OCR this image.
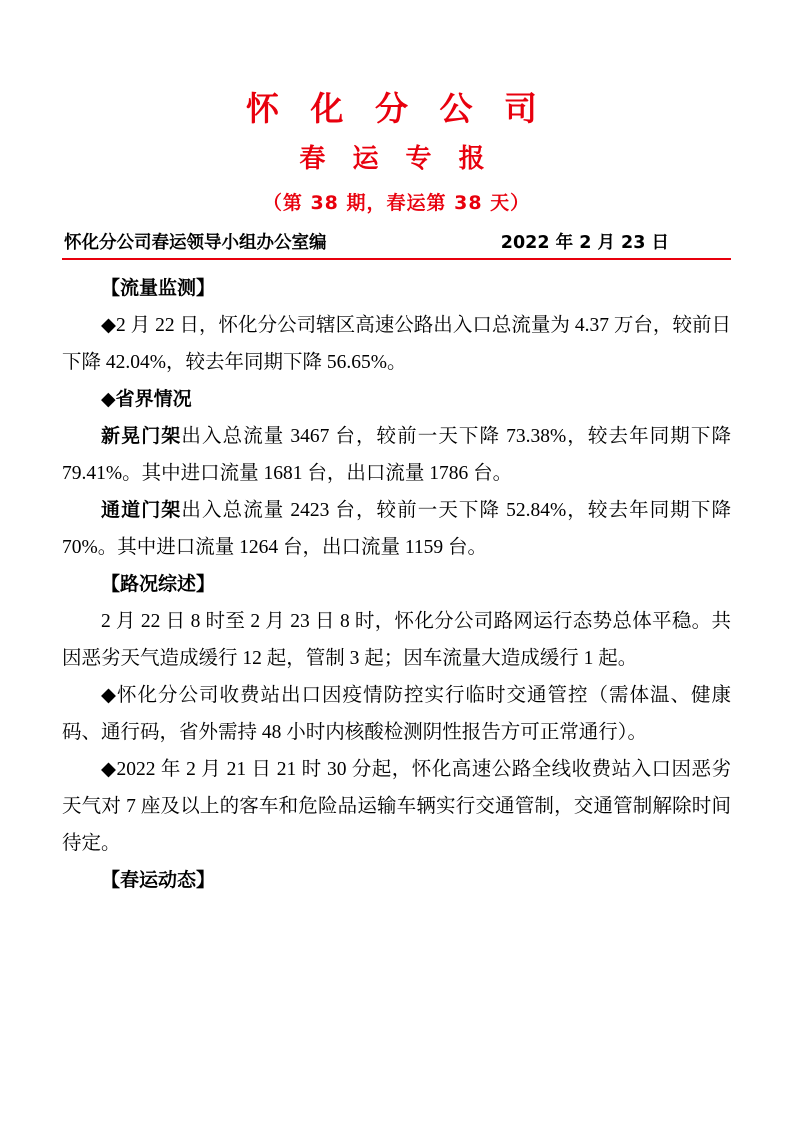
怀 化 分 公 司
春 运 专 报
（第 38 期，春运第 38 天）
怀化分公司春运领导小组办公室编	2022 年 2 月 23 日

【流量监测】

◆2 月 22 日，怀化分公司辖区高速公路出入口总流量为 4.37 万台，较前日下降 42.04%，较去年同期下降 56.65%。

◆省界情况

新晃门架出入总流量 3467 台，较前一天下降 73.38%，较去年同期下降 79.41%。其中进口流量 1681 台，出口流量 1786 台。

通道门架出入总流量 2423 台，较前一天下降 52.84%，较去年同期下降 70%。其中进口流量 1264 台，出口流量 1159 台。

【路况综述】

2 月 22 日 8 时至 2 月 23 日 8 时，怀化分公司路网运行态势总体平稳。共因恶劣天气造成缓行 12 起，管制 3 起；因车流量大造成缓行 1 起。

◆怀化分公司收费站出口因疫情防控实行临时交通管控（需体温、健康码、通行码，省外需持 48 小时内核酸检测阴性报告方可正常通行）。

◆2022 年 2 月 21 日 21 时 30 分起，怀化高速公路全线收费站入口因恶劣天气对 7 座及以上的客车和危险品运输车辆实行交通管制，交通管制解除时间待定。

【春运动态】
